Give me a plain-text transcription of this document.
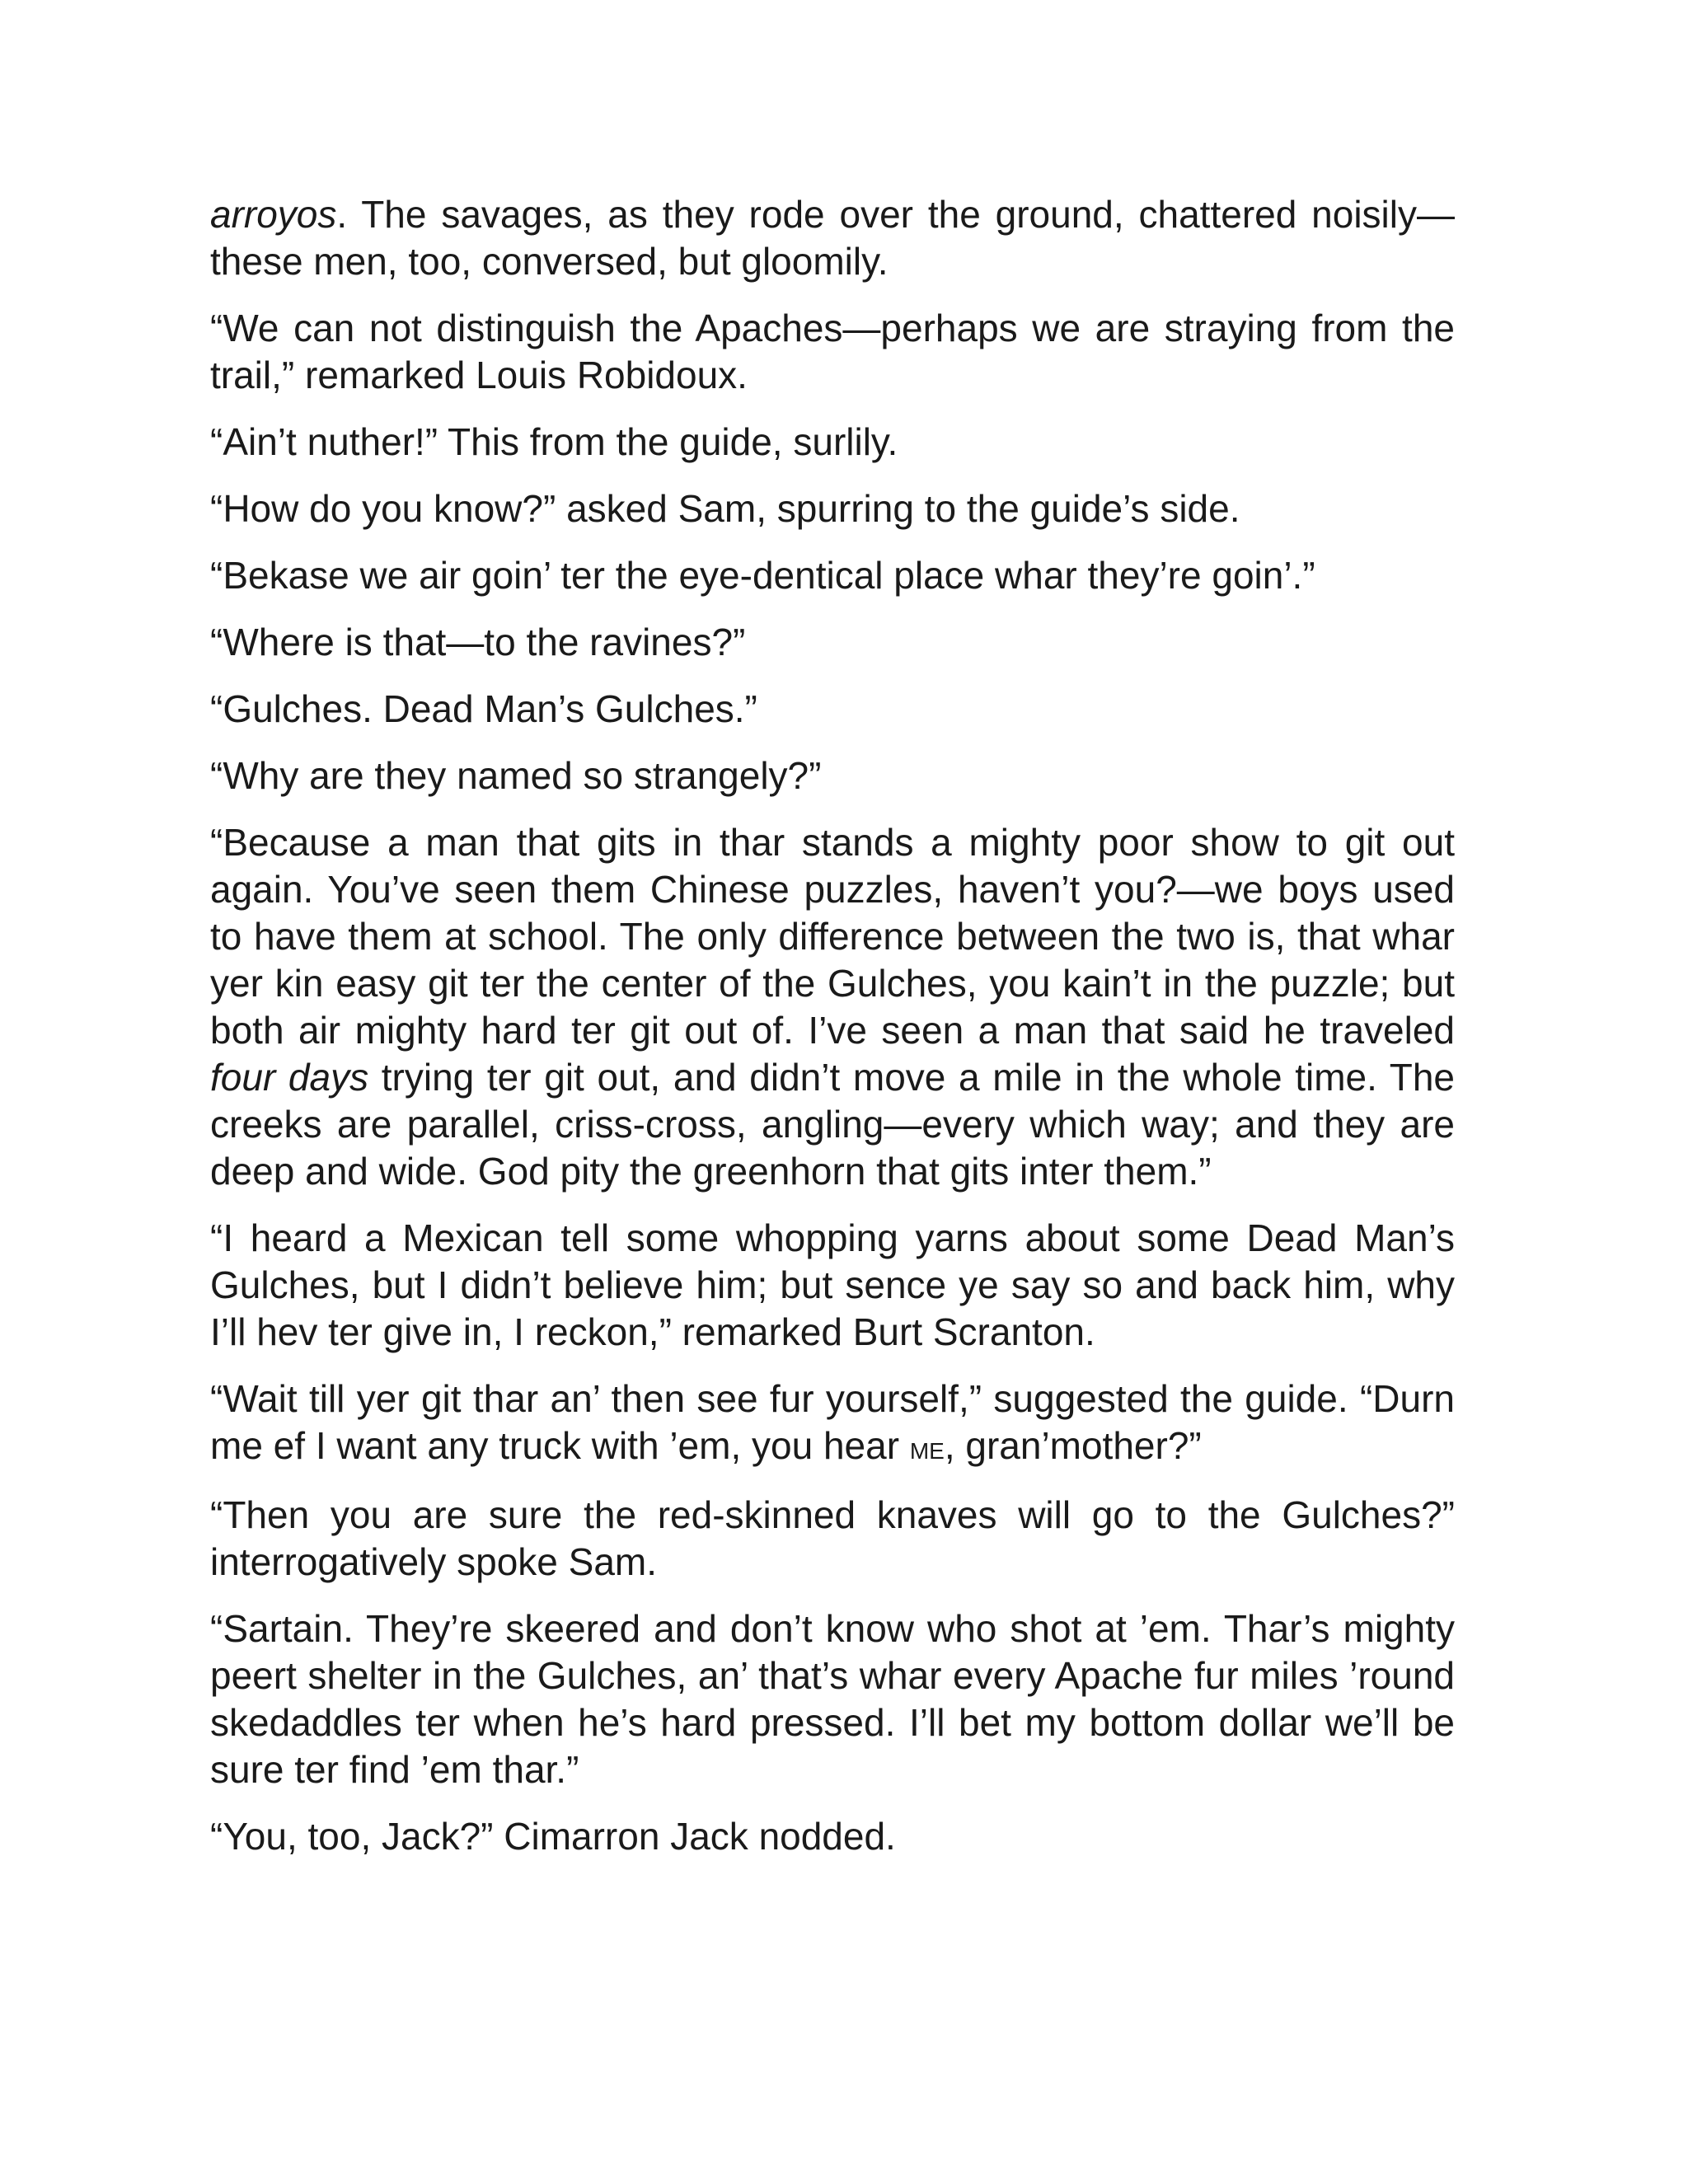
arroyos. The savages, as they rode over the ground, chattered noisily—these men, too, conversed, but gloomily.

“We can not distinguish the Apaches—perhaps we are straying from the trail,” remarked Louis Robidoux.

“Ain’t nuther!” This from the guide, surlily.

“How do you know?” asked Sam, spurring to the guide’s side.

“Bekase we air goin’ ter the eye-dentical place whar they’re goin’.”

“Where is that—to the ravines?”

“Gulches. Dead Man’s Gulches.”

“Why are they named so strangely?”

“Because a man that gits in thar stands a mighty poor show to git out again. You’ve seen them Chinese puzzles, haven’t you?—we boys used to have them at school. The only difference between the two is, that whar yer kin easy git ter the center of the Gulches, you kain’t in the puzzle; but both air mighty hard ter git out of. I’ve seen a man that said he traveled four days trying ter git out, and didn’t move a mile in the whole time. The creeks are parallel, criss-cross, angling—every which way; and they are deep and wide. God pity the greenhorn that gits inter them.”

“I heard a Mexican tell some whopping yarns about some Dead Man’s Gulches, but I didn’t believe him; but sence ye say so and back him, why I’ll hev ter give in, I reckon,” remarked Burt Scranton.

“Wait till yer git thar an’ then see fur yourself,” suggested the guide. “Durn me ef I want any truck with ’em, you hear me, gran’mother?”

“Then you are sure the red-skinned knaves will go to the Gulches?” interrogatively spoke Sam.

“Sartain. They’re skeered and don’t know who shot at ’em. Thar’s mighty peert shelter in the Gulches, an’ that’s whar every Apache fur miles ’round skedaddles ter when he’s hard pressed. I’ll bet my bottom dollar we’ll be sure ter find ’em thar.”

“You, too, Jack?” Cimarron Jack nodded.
